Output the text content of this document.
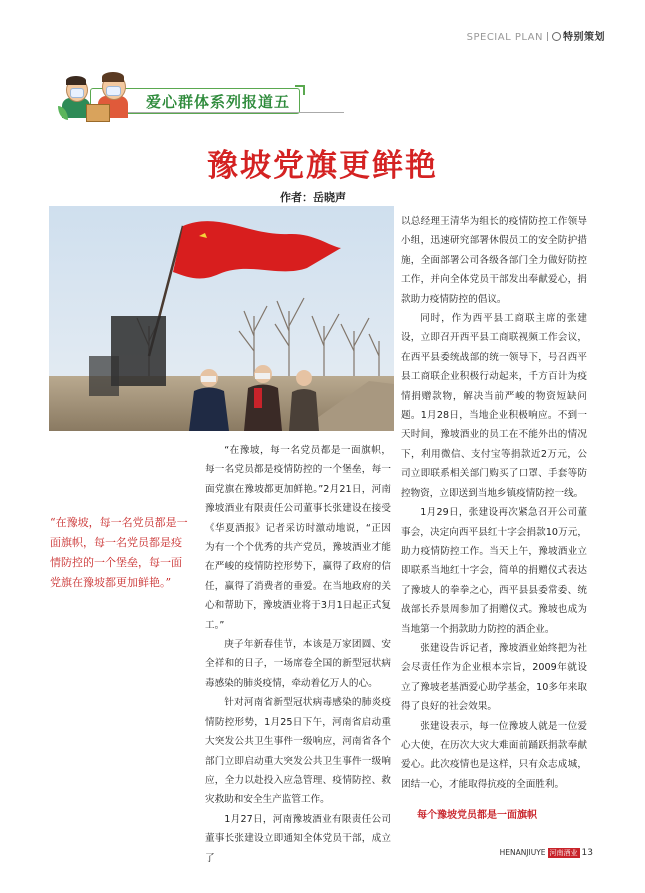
SPECIAL PLAN 特别策划
爱心群体系列报道五
豫坡党旗更鲜艳
作者：岳晓声
“在豫坡，每一名党员都是一面旗帜，每一名党员都是疫情防控的一个堡垒，每一面党旗在豫坡都更加鲜艳。”

“在豫坡，每一名党员都是一面旗帜，每一名党员都是疫情防控的一个堡垒，每一面党旗在豫坡都更加鲜艳。”2月21日，河南豫坡酒业有限责任公司董事长张建设在接受《华夏酒报》记者采访时激动地说，“正因为有一个个优秀的共产党员，豫坡酒业才能在严峻的疫情防控形势下，赢得了政府的信任，赢得了消费者的垂爱。在当地政府的关心和帮助下，豫坡酒业将于3月1日起正式复工。”

庚子年新春佳节，本该是万家团圆、安全祥和的日子，一场席卷全国的新型冠状病毒感染的肺炎疫情，牵动着亿万人的心。

针对河南省新型冠状病毒感染的肺炎疫情防控形势，1月25日下午，河南省启动重大突发公共卫生事件一级响应，河南省各个部门立即启动重大突发公共卫生事件一级响应，全力以赴投入应急管理、疫情防控、救灾救助和安全生产监管工作。

1月27日，河南豫坡酒业有限责任公司董事长张建设立即通知全体党员干部，成立了

以总经理王清华为组长的疫情防控工作领导小组，迅速研究部署休假员工的安全防护措施，全面部署公司各级各部门全力做好防控工作，并向全体党员干部发出奉献爱心，捐款助力疫情防控的倡议。

同时，作为西平县工商联主席的张建设，立即召开西平县工商联视频工作会议，在西平县委统战部的统一领导下，号召西平县工商联企业积极行动起来，千方百计为疫情捐赠款物，解决当前严峻的物资短缺问题。1月28日，当地企业积极响应。不到一天时间，豫坡酒业的员工在不能外出的情况下，利用微信、支付宝等捐款近2万元，公司立即联系相关部门购买了口罩、手套等防控物资，立即送到当地乡镇疫情防控一线。

1月29日，张建设再次紧急召开公司董事会，决定向西平县红十字会捐款10万元，助力疫情防控工作。当天上午，豫坡酒业立即联系当地红十字会，简单的捐赠仪式表达了豫坡人的拳拳之心，西平县县委常委、统战部长乔景周参加了捐赠仪式。豫坡也成为当地第一个捐款助力防控的酒企业。

张建设告诉记者，豫坡酒业始终把为社会尽责任作为企业根本宗旨，2009年就设立了豫坡老基酒爱心助学基金，10多年来取得了良好的社会效果。

张建设表示，每一位豫坡人就是一位爱心大使，在历次大灾大难面前踊跃捐款奉献爱心。此次疫情也是这样，只有众志成城，团结一心，才能取得抗疫的全面胜利。

每个豫坡党员都是一面旗帜

HENANJIUYE 河南酒业 13
